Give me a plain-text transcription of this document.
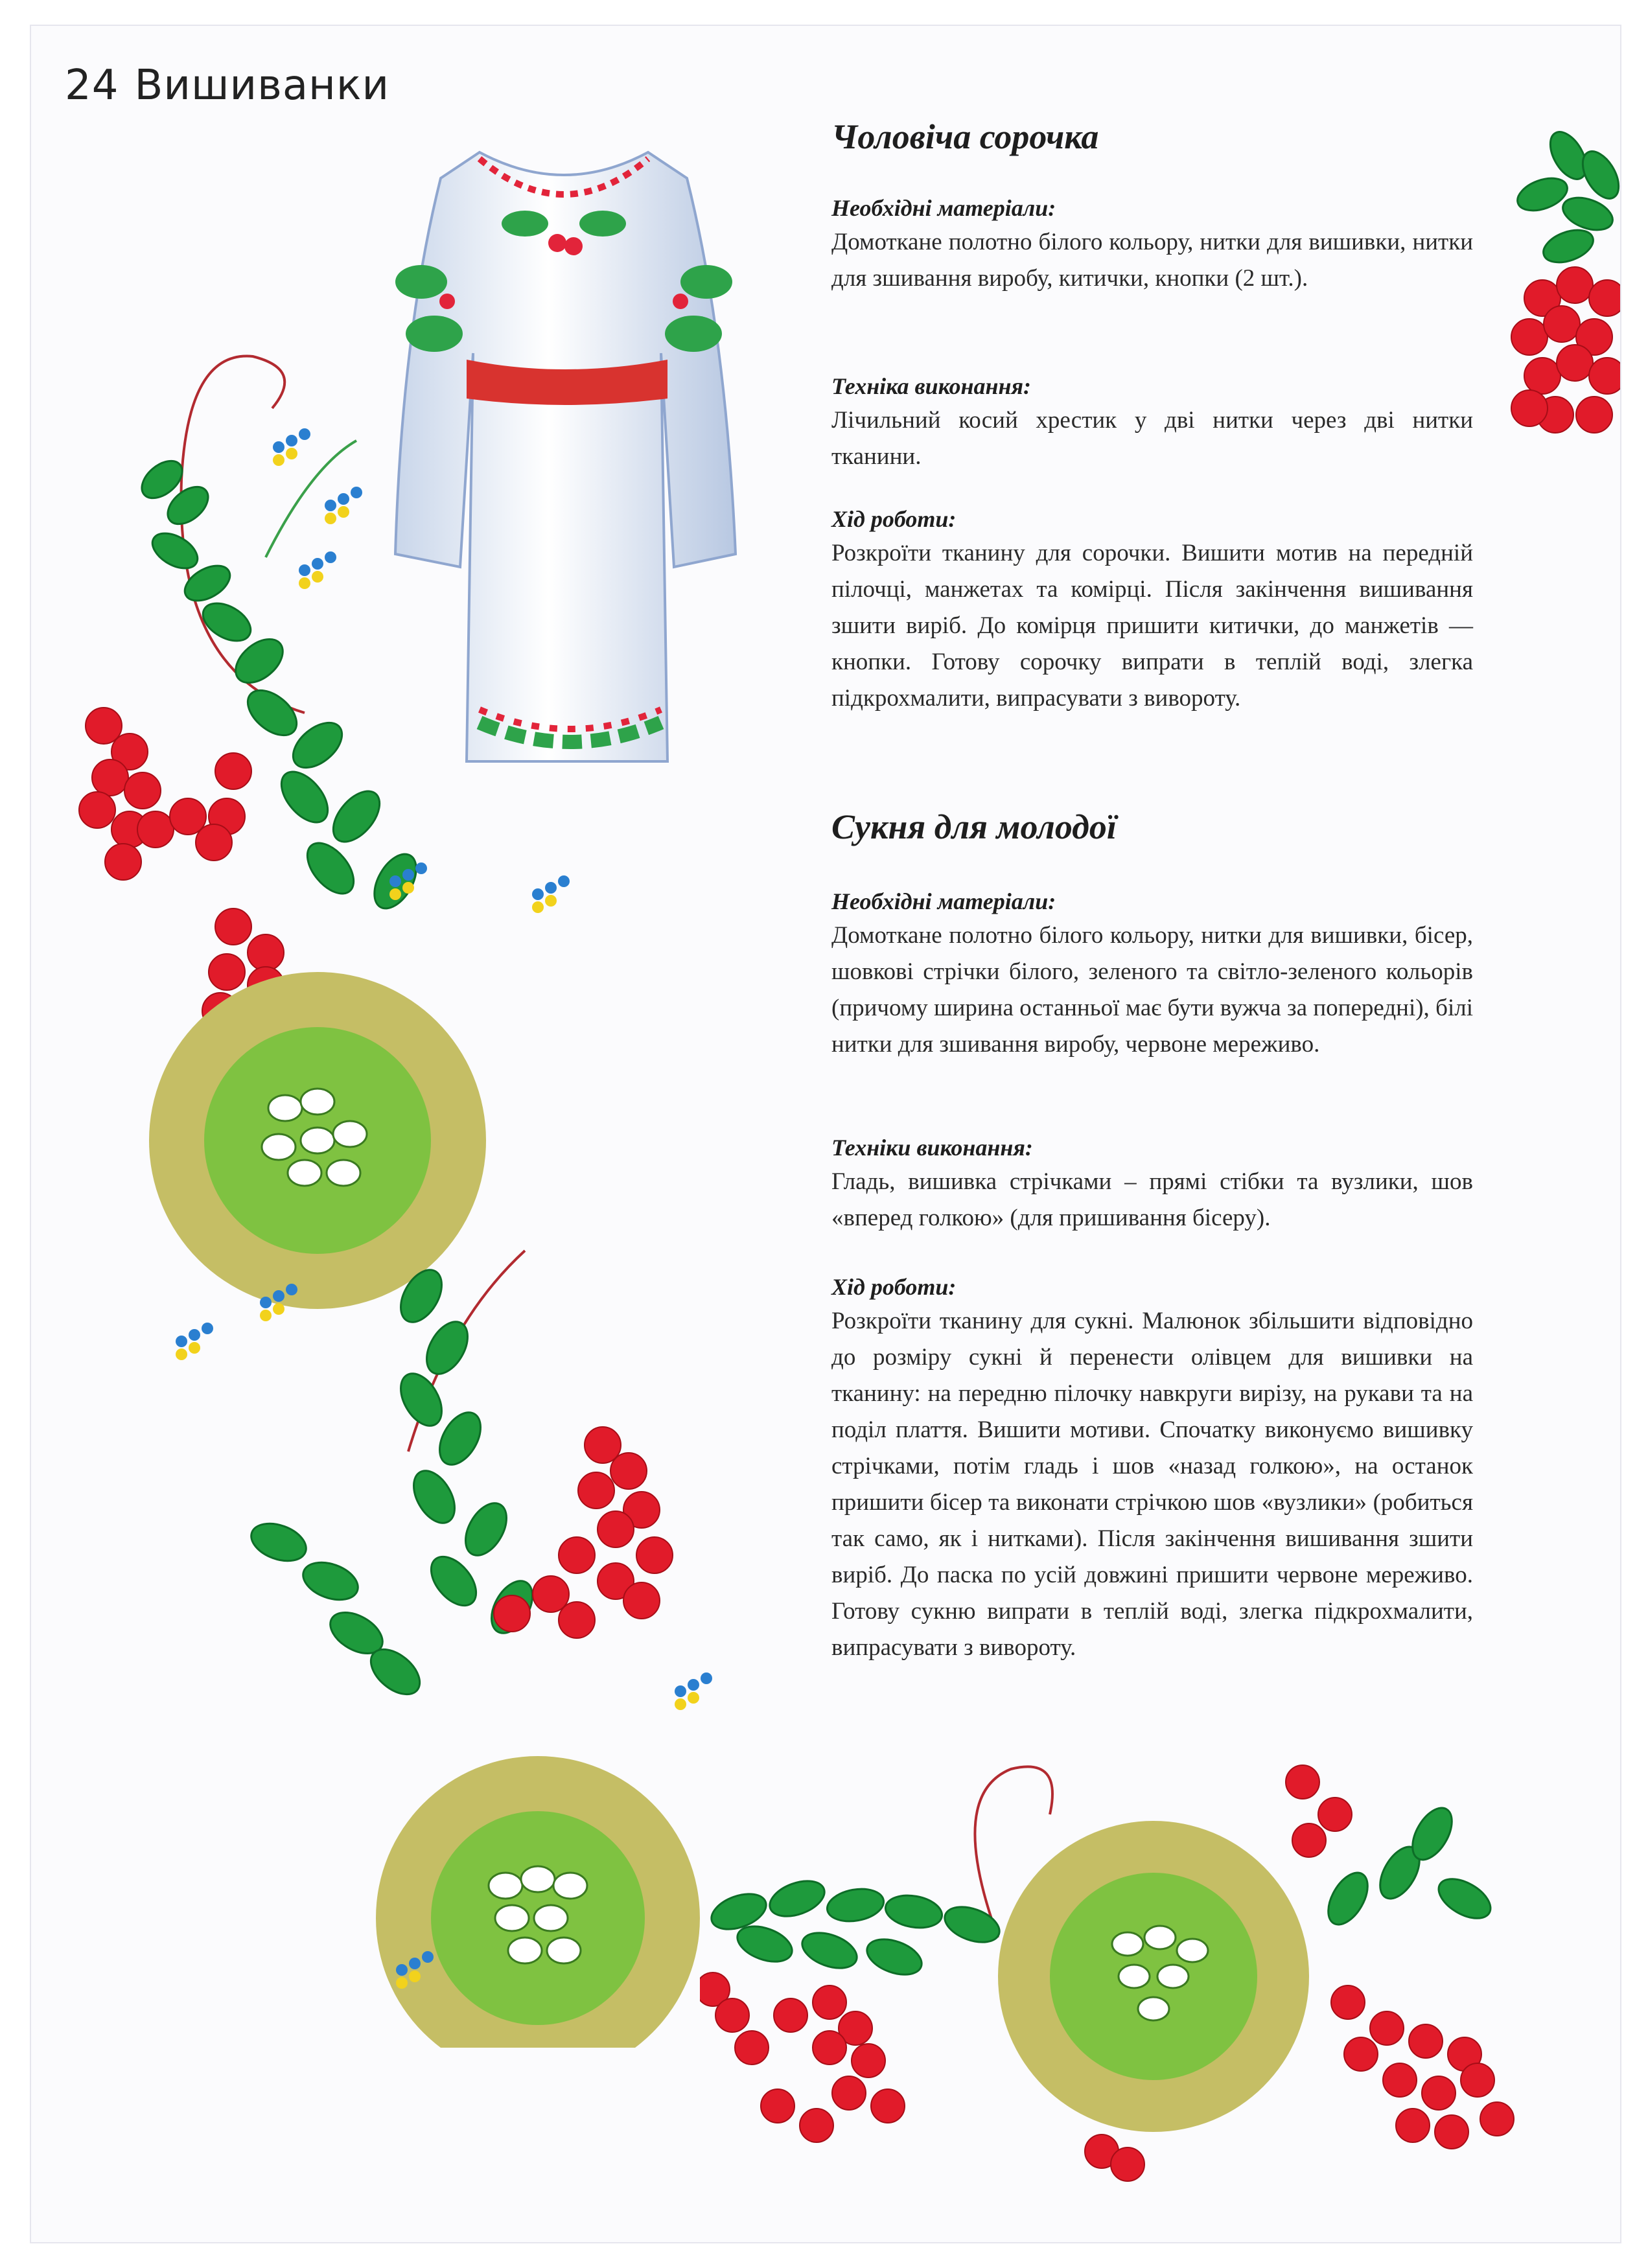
24 Вишиванки
Чоловіча сорочка

Необхідні матеріали:

Домоткане полотно білого кольору, нитки для вишивки, нитки для зшивання виробу, китички, кнопки (2 шт.).

Техніка виконання:

Лічильний косий хрестик у дві нитки через дві нитки тканини.

Хід роботи:

Розкроїти тканину для сорочки. Вишити мотив на передній пілочці, манжетах та комірці. Після закінчення вишивання зшити виріб. До комірця пришити китички, до манжетів — кнопки. Готову сорочку випрати в теплій воді, злегка підкрохмалити, випрасувати з вивороту.

Сукня для молодої

Необхідні матеріали:

Домоткане полотно білого кольору, нитки для вишивки, бісер, шовкові стрічки білого, зеленого та світло-зеленого кольорів (причому ширина останньої має бути вужча за попередні), білі нитки для зшивання виробу, червоне мереживо.

Техніки виконання:

Гладь, вишивка стрічками – прямі стібки та вузлики, шов «вперед голкою» (для пришивання бісеру).

Хід роботи:

Розкроїти тканину для сукні. Малюнок збільшити відповідно до розміру сукні й перенести олівцем для вишивки на тканину: на передню пілочку навкруги вирізу, на рукави та на поділ плаття. Вишити мотиви. Спочатку виконуємо вишивку стрічками, потім гладь і шов «назад голкою», на останок пришити бісер та виконати стрічкою шов «вузлики» (робиться так само, як і нитками). Після закінчення вишивання зшити виріб. До паска по усій довжині пришити червоне мереживо. Готову сукню випрати в теплій воді, злегка підкрохмалити, випрасувати з вивороту.
